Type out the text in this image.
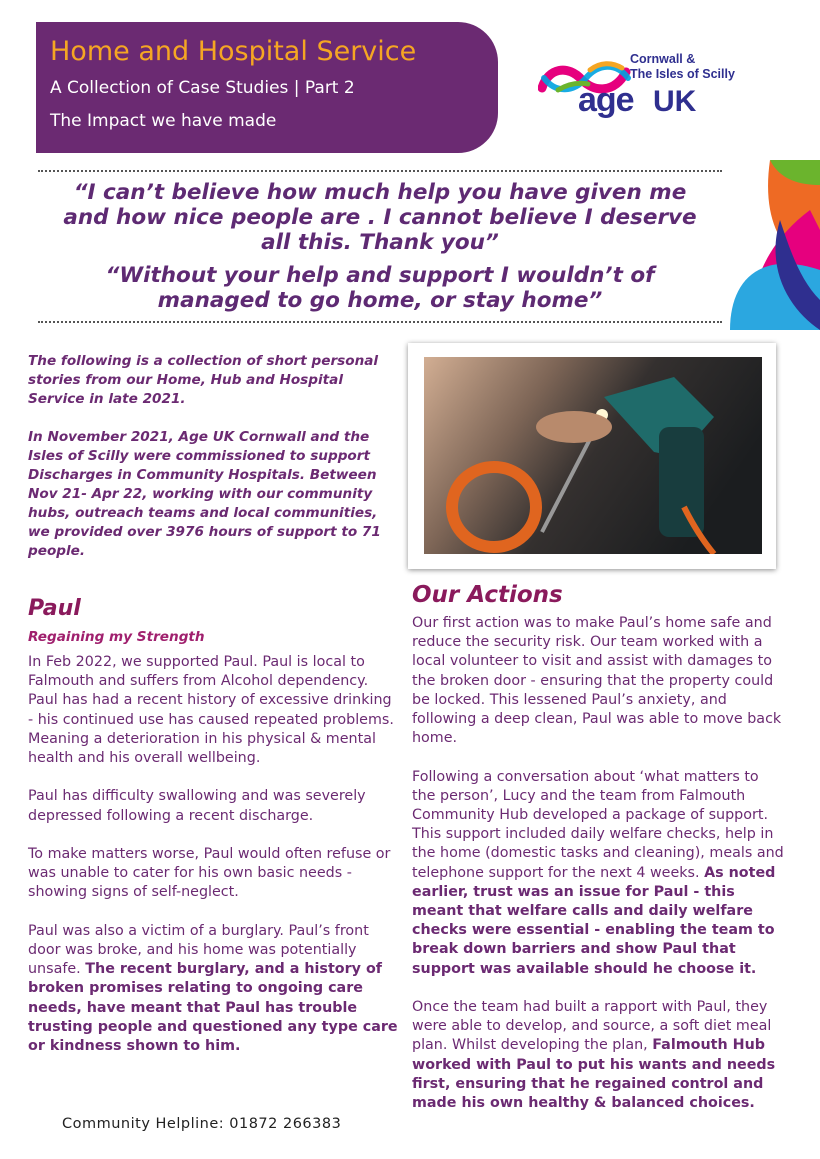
Home and Hospital Service
A Collection of Case Studies | Part 2
The Impact we have made
Cornwall &
The Isles of Scilly
age UK
“I can’t believe how much help you have given me and how nice people are . I cannot believe I deserve all this. Thank you”
“Without your help and support I wouldn’t of managed to go home, or stay home”

The following is a collection of short personal stories from our Home, Hub and Hospital Service in late 2021.

In November 2021, Age UK Cornwall and the Isles of Scilly were commissioned to support Discharges in Community Hospitals. Between Nov 21- Apr 22, working with our community hubs, outreach teams and local communities, we provided over 3976 hours of support to 71 people.

Paul
Regaining my Strength

In Feb 2022, we supported Paul. Paul is local to Falmouth and suffers from Alcohol dependency. Paul has had a recent history of excessive drinking - his continued use has caused repeated problems. Meaning a deterioration in his physical & mental health and his overall wellbeing.

Paul has difficulty swallowing and was severely depressed following a recent discharge.

To make matters worse, Paul would often refuse or was unable to cater for his own basic needs - showing signs of self-neglect.

Paul was also a victim of a burglary. Paul’s front door was broke, and his home was potentially unsafe. The recent burglary, and a history of broken promises relating to ongoing care needs, have meant that Paul has trouble trusting people and questioned any type care or kindness shown to him.

Our Actions

Our first action was to make Paul’s home safe and reduce the security risk. Our team worked with a local volunteer to visit and assist with damages to the broken door - ensuring that the property could be locked. This lessened Paul’s anxiety, and following a deep clean, Paul was able to move back home.

Following a conversation about ‘what matters to the person’, Lucy and the team from Falmouth Community Hub developed a package of support. This support included daily welfare checks, help in the home (domestic tasks and cleaning), meals and telephone support for the next 4 weeks. As noted earlier, trust was an issue for Paul - this meant that welfare calls and daily welfare checks were essential - enabling the team to break down barriers and show Paul that support was available should he choose it.

Once the team had built a rapport with Paul, they were able to develop, and source, a soft diet meal plan. Whilst developing the plan, Falmouth Hub worked with Paul to put his wants and needs first, ensuring that he regained control and made his own healthy & balanced choices.

Community Helpline: 01872 266383
